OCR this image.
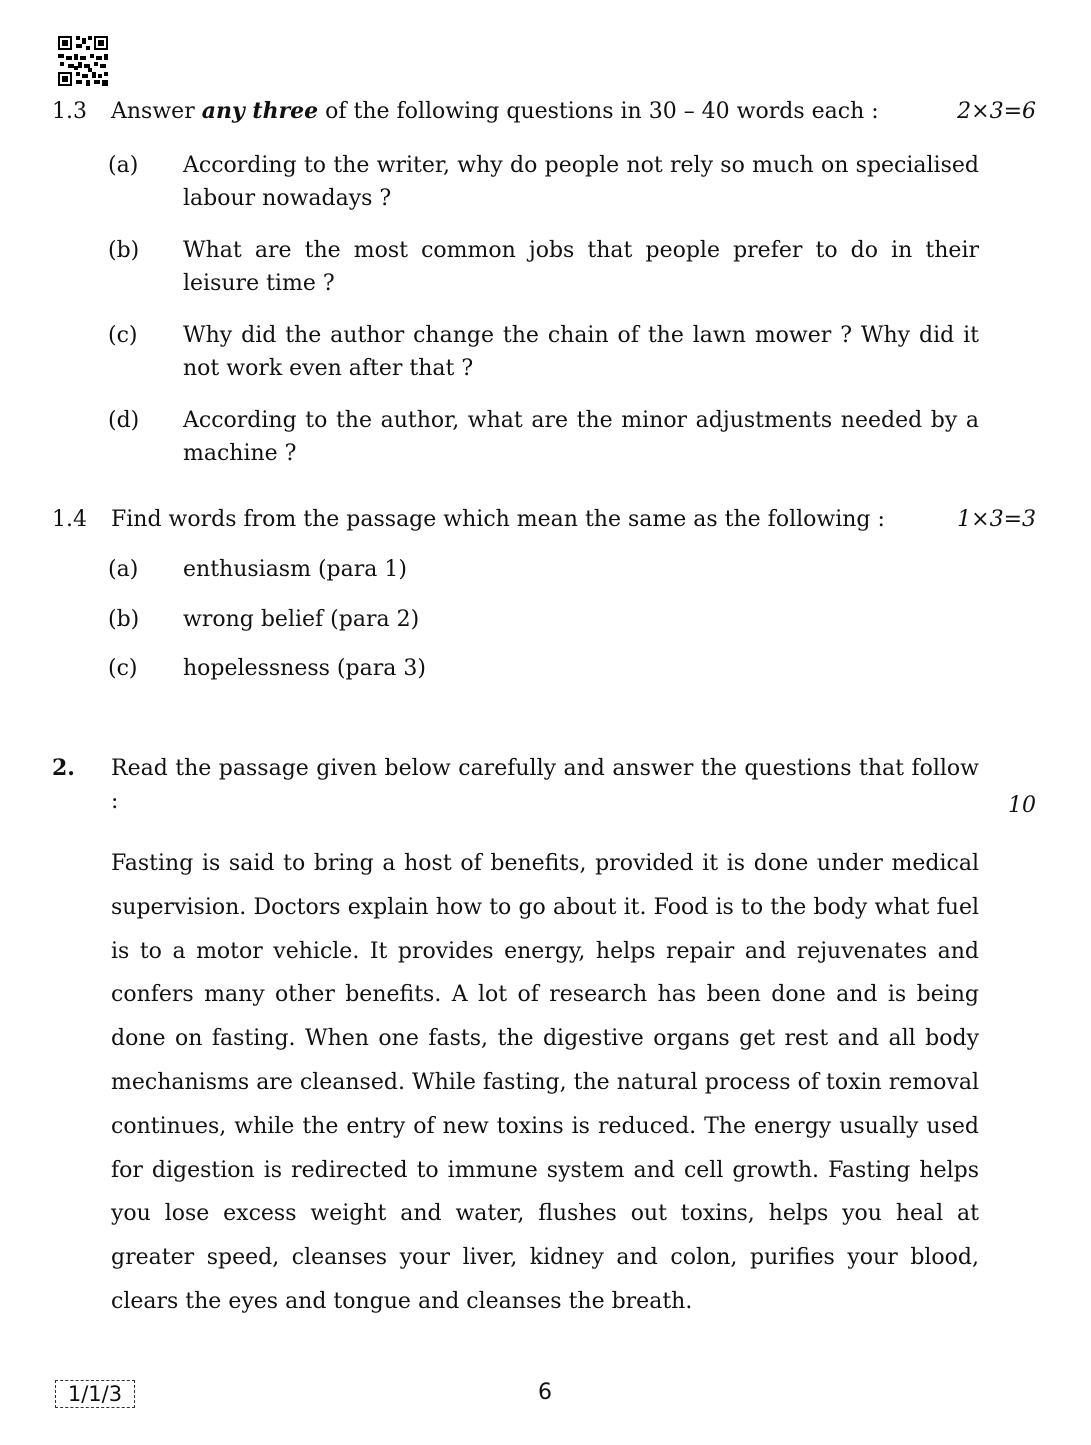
1.3 Answer any three of the following questions in 30 – 40 words each :	2×3=6
(a) According to the writer, why do people not rely so much on specialised labour nowadays ?
(b) What are the most common jobs that people prefer to do in their leisure time ?
(c) Why did the author change the chain of the lawn mower ? Why did it not work even after that ?
(d) According to the author, what are the minor adjustments needed by a machine ?
1.4 Find words from the passage which mean the same as the following :	1×3=3
(a) enthusiasm (para 1)
(b) wrong belief (para 2)
(c) hopelessness (para 3)
2. Read the passage given below carefully and answer the questions that follow :	10
Fasting is said to bring a host of benefits, provided it is done under medical supervision. Doctors explain how to go about it. Food is to the body what fuel is to a motor vehicle. It provides energy, helps repair and rejuvenates and confers many other benefits. A lot of research has been done and is being done on fasting. When one fasts, the digestive organs get rest and all body mechanisms are cleansed. While fasting, the natural process of toxin removal continues, while the entry of new toxins is reduced. The energy usually used for digestion is redirected to immune system and cell growth. Fasting helps you lose excess weight and water, flushes out toxins, helps you heal at greater speed, cleanses your liver, kidney and colon, purifies your blood, clears the eyes and tongue and cleanses the breath.
1/1/3	6
